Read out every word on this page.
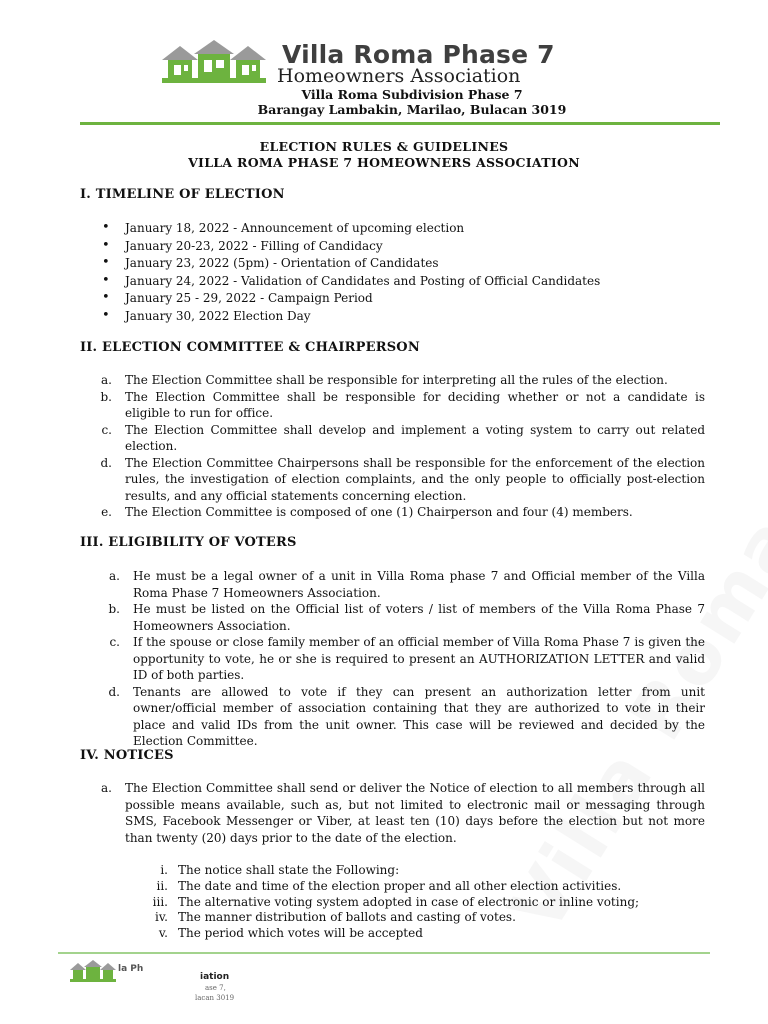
Villa Roma Phase 7
Homeowners Association
Villa Roma Subdivision Phase 7
Barangay Lambakin, Marilao, Bulacan 3019
ELECTION RULES & GUIDELINES
VILLA ROMA PHASE 7 HOMEOWNERS ASSOCIATION
I. TIMELINE OF ELECTION
• January 18, 2022 - Announcement of upcoming election
• January 20-23, 2022 - Filling of Candidacy
• January 23, 2022 (5pm) - Orientation of Candidates
• January 24, 2022 - Validation of Candidates and Posting of Official Candidates
• January 25 - 29, 2022 - Campaign Period
• January 30, 2022 Election Day
II. ELECTION COMMITTEE & CHAIRPERSON
a. The Election Committee shall be responsible for interpreting all the rules of the election.
b. The Election Committee shall be responsible for deciding whether or not a candidate is eligible to run for office.
c. The Election Committee shall develop and implement a voting system to carry out related election.
d. The Election Committee Chairpersons shall be responsible for the enforcement of the election rules, the investigation of election complaints, and the only people to officially post-election results, and any official statements concerning election.
e. The Election Committee is composed of one (1) Chairperson and four (4) members.
III. ELIGIBILITY OF VOTERS
a. He must be a legal owner of a unit in Villa Roma phase 7 and Official member of the Villa Roma Phase 7 Homeowners Association.
b. He must be listed on the Official list of voters / list of members of the Villa Roma Phase 7 Homeowners Association.
c. If the spouse or close family member of an official member of Villa Roma Phase 7 is given the opportunity to vote, he or she is required to present an AUTHORIZATION LETTER and valid ID of both parties.
d. Tenants are allowed to vote if they can present an authorization letter from unit owner/official member of association containing that they are authorized to vote in their place and valid IDs from the unit owner. This case will be reviewed and decided by the Election Committee.
IV. NOTICES
a. The Election Committee shall send or deliver the Notice of election to all members through all possible means available, such as, but not limited to electronic mail or messaging through SMS, Facebook Messenger or Viber, at least ten (10) days before the election but not more than twenty (20) days prior to the date of the election.
i. The notice shall state the Following:
ii. The date and time of the election proper and all other election activities.
iii. The alternative voting system adopted in case of electronic or inline voting;
iv. The manner distribution of ballots and casting of votes.
v. The period which votes will be accepted
la Ph
iation
ase 7,
lacan 3019
